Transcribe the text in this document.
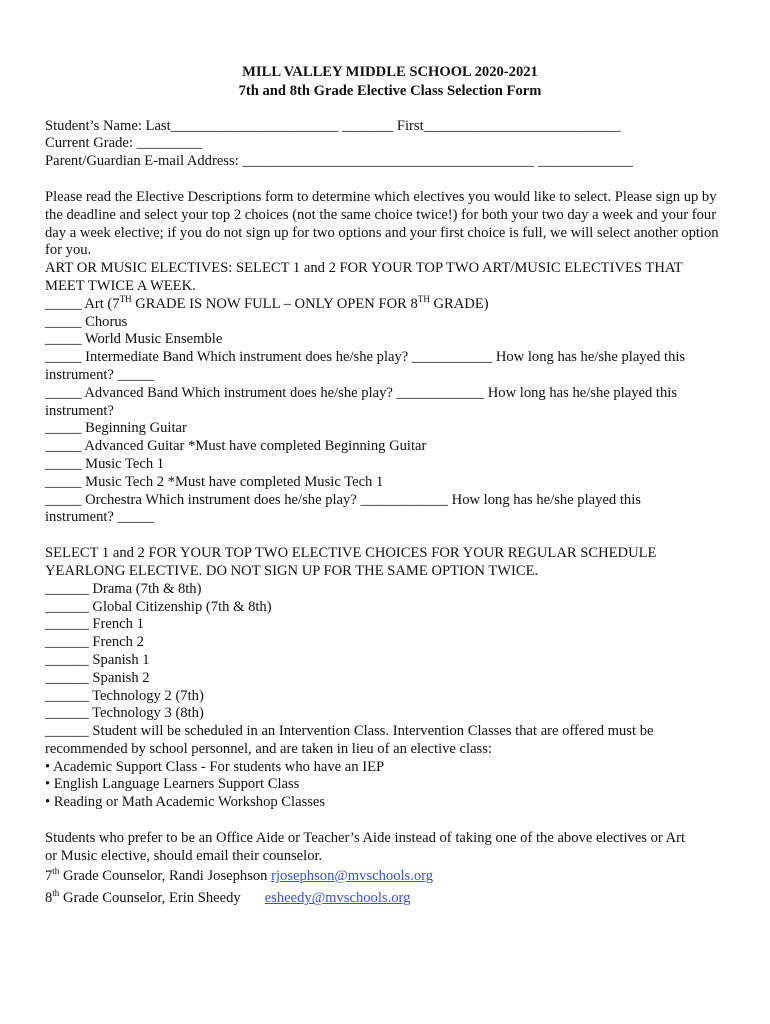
MILL VALLEY MIDDLE SCHOOL 2020-2021

7th and 8th Grade Elective Class Selection Form

Student’s Name: Last_______________________ _______ First___________________________

Current Grade: _________

Parent/Guardian E-mail Address: ________________________________________ _____________

Please read the Elective Descriptions form to determine which electives you would like to select. Please sign up by the deadline and select your top 2 choices (not the same choice twice!) for both your two day a week and your four day a week elective; if you do not sign up for two options and your first choice is full, we will select another option for you.

ART OR MUSIC ELECTIVES: SELECT 1 and 2 FOR YOUR TOP TWO ART/MUSIC ELECTIVES THAT

MEET TWICE A WEEK.

_____ Art (7TH GRADE IS NOW FULL – ONLY OPEN FOR 8TH GRADE)

_____ Chorus

_____ World Music Ensemble

_____ Intermediate Band Which instrument does he/she play? ___________ How long has he/she played this

instrument? _____

_____ Advanced Band Which instrument does he/she play? ____________ How long has he/she played this

instrument?

_____ Beginning Guitar

_____ Advanced Guitar *Must have completed Beginning Guitar

_____ Music Tech 1

_____ Music Tech 2 *Must have completed Music Tech 1

_____ Orchestra Which instrument does he/she play? ____________ How long has he/she played this

instrument? _____

SELECT 1 and 2 FOR YOUR TOP TWO ELECTIVE CHOICES FOR YOUR REGULAR SCHEDULE

YEARLONG ELECTIVE. DO NOT SIGN UP FOR THE SAME OPTION TWICE.

______ Drama (7th & 8th)

______ Global Citizenship (7th & 8th)

______ French 1

______ French 2

______ Spanish 1

______ Spanish 2

______ Technology 2 (7th)

______ Technology 3 (8th)

______ Student will be scheduled in an Intervention Class. Intervention Classes that are offered must be

recommended by school personnel, and are taken in lieu of an elective class:

• Academic Support Class - For students who have an IEP

• English Language Learners Support Class

• Reading or Math Academic Workshop Classes

Students who prefer to be an Office Aide or Teacher’s Aide instead of taking one of the above electives or Art

or Music elective, should email their counselor.

7th Grade Counselor, Randi Josephson rjosephson@mvschools.org

8th Grade Counselor, Erin Sheedy esheedy@mvschools.org
